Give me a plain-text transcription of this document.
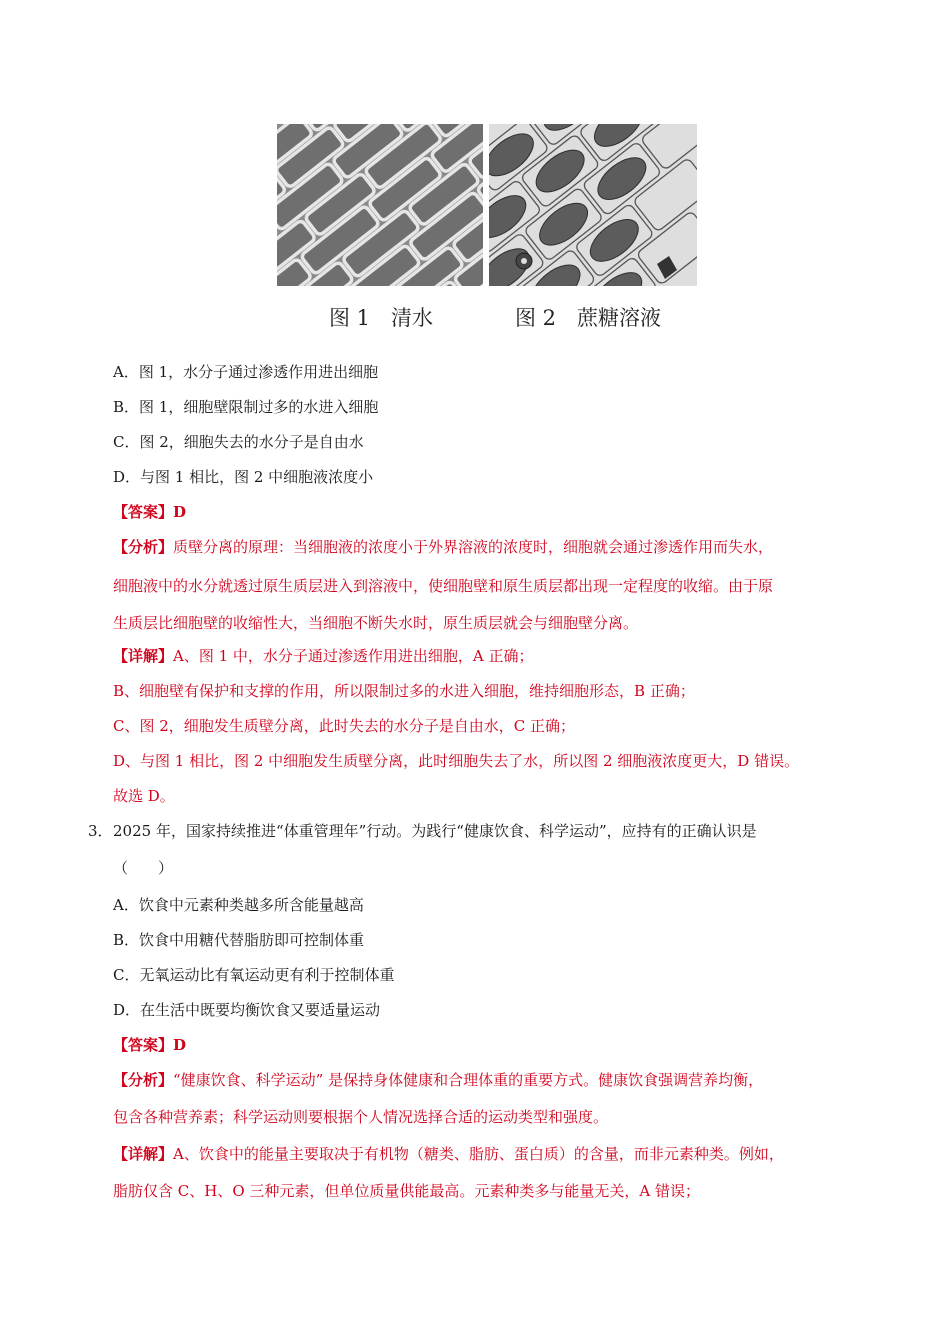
图 1　清水	图 2　蔗糖溶液
A．图 1，水分子通过渗透作用进出细胞
B．图 1，细胞壁限制过多的水进入细胞
C．图 2，细胞失去的水分子是自由水
D．与图 1 相比，图 2 中细胞液浓度小
【答案】D
【分析】质壁分离的原理：当细胞液的浓度小于外界溶液的浓度时，细胞就会通过渗透作用而失水，
细胞液中的水分就透过原生质层进入到溶液中，使细胞壁和原生质层都出现一定程度的收缩。由于原
生质层比细胞壁的收缩性大，当细胞不断失水时，原生质层就会与细胞壁分离。
【详解】A、图 1 中，水分子通过渗透作用进出细胞，A 正确；
B、细胞壁有保护和支撑的作用，所以限制过多的水进入细胞，维持细胞形态，B 正确；
C、图 2，细胞发生质壁分离，此时失去的水分子是自由水，C 正确；
D、与图 1 相比，图 2 中细胞发生质壁分离，此时细胞失去了水，所以图 2 细胞液浓度更大，D 错误。
故选 D。
3． 2025 年，国家持续推进“体重管理年”行动。为践行“健康饮食、科学运动”，应持有的正确认识是
（　　）
A．饮食中元素种类越多所含能量越高
B．饮食中用糖代替脂肪即可控制体重
C．无氧运动比有氧运动更有利于控制体重
D．在生活中既要均衡饮食又要适量运动
【答案】D
【分析】“健康饮食、科学运动” 是保持身体健康和合理体重的重要方式。健康饮食强调营养均衡，
包含各种营养素；科学运动则要根据个人情况选择合适的运动类型和强度。
【详解】A、饮食中的能量主要取决于有机物（糖类、脂肪、蛋白质）的含量，而非元素种类。例如，
脂肪仅含 C、H、O 三种元素，但单位质量供能最高。元素种类多与能量无关，A 错误；
